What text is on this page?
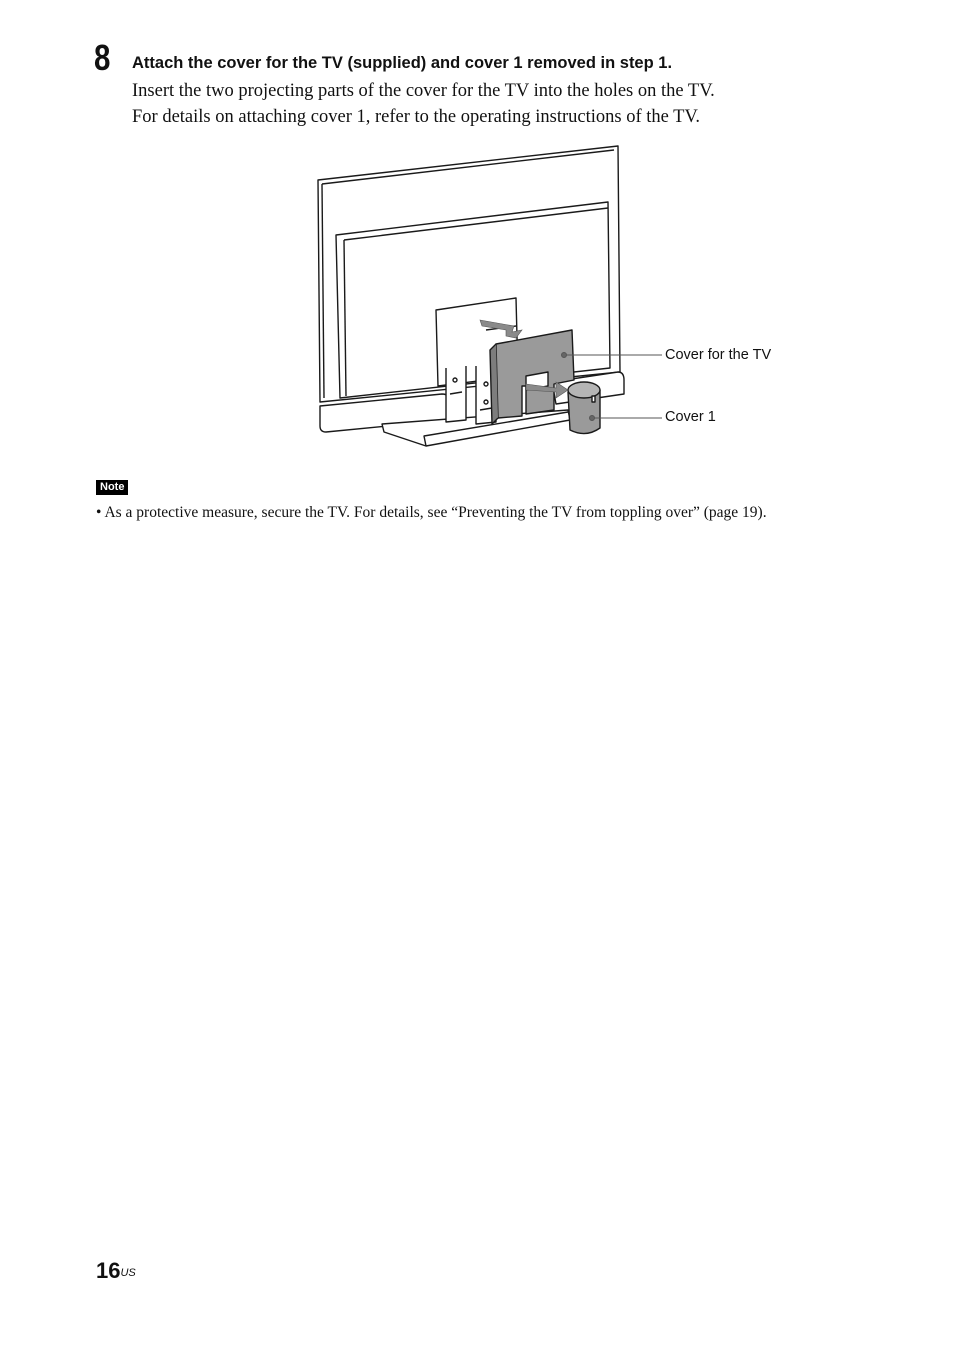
8 Attach the cover for the TV (supplied) and cover 1 removed in step 1.
Insert the two projecting parts of the cover for the TV into the holes on the TV.
For details on attaching cover 1, refer to the operating instructions of the TV.
Cover for the TV
Cover 1
Note
• As a protective measure, secure the TV. For details, see “Preventing the TV from toppling over” (page 19).
$16^{US}$
